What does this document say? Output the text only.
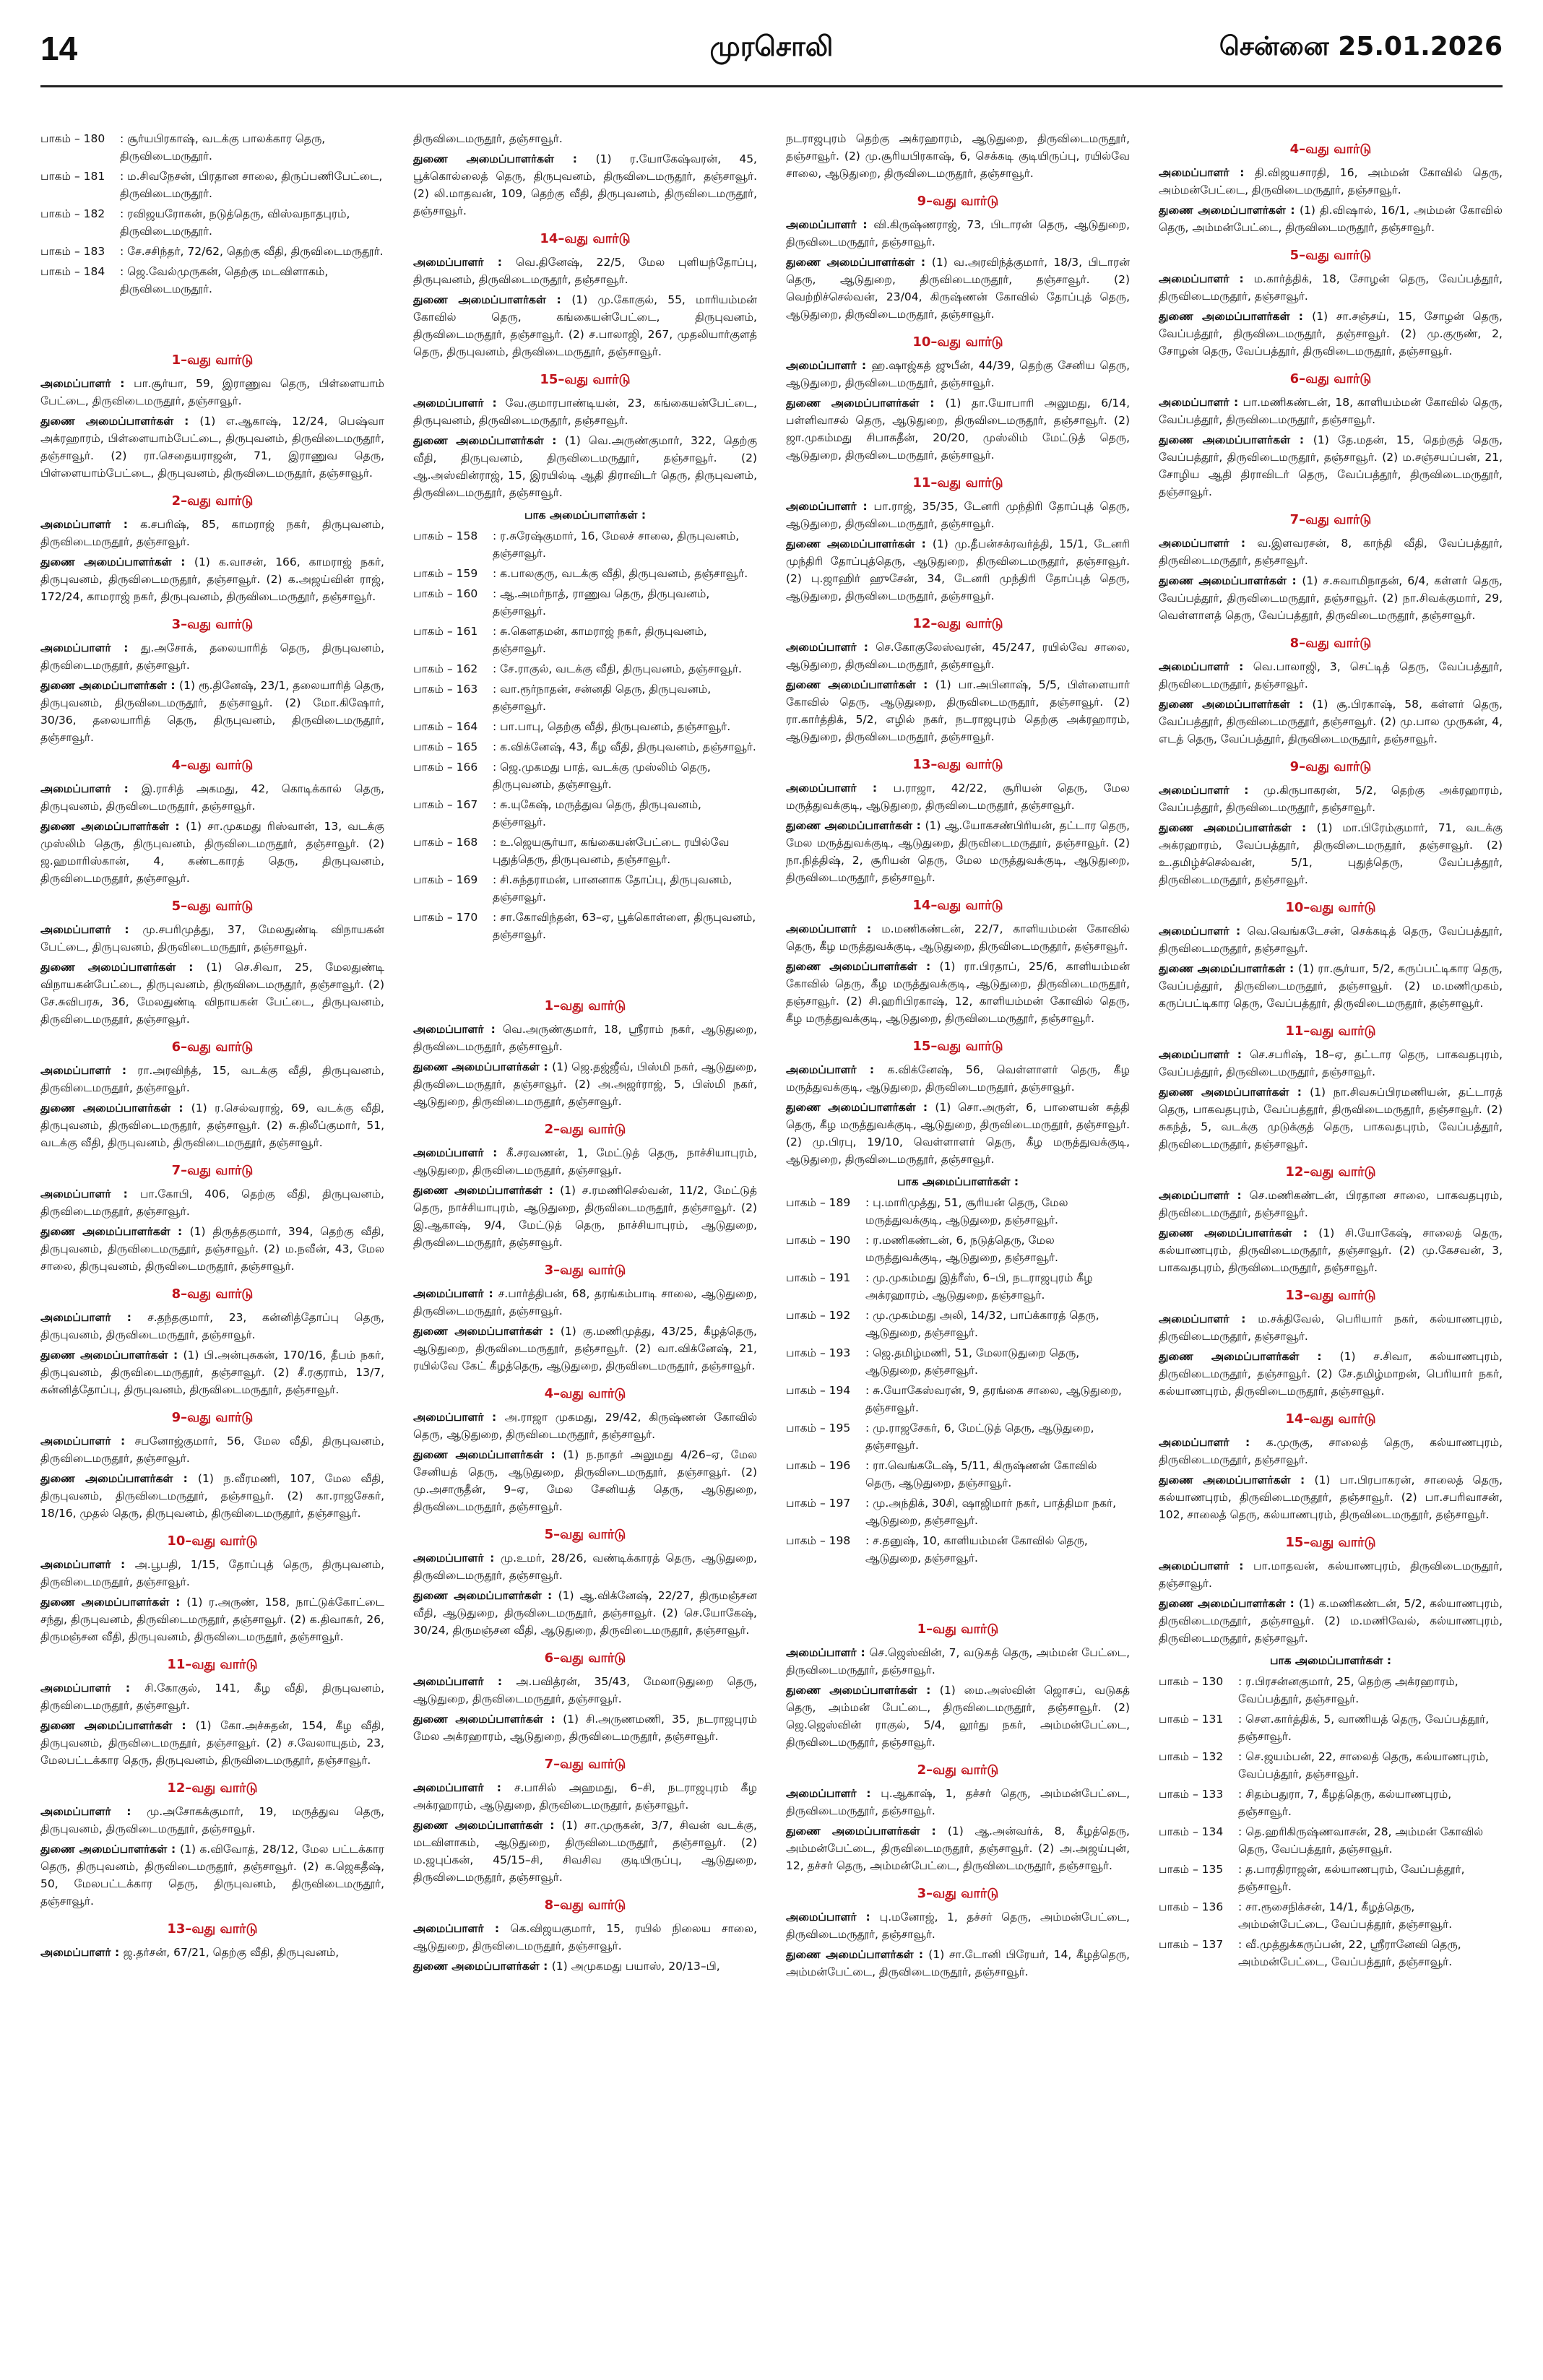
14	முரசொலி	சென்னை 25.01.2026
பாகம் – 180	: சூர்யபிரகாஷ், வடக்கு பாலக்கார தெரு, திருவிடைமருதூர்.
பாகம் – 181	: ம.சிவநேசன், பிரதான சாலை, திருப்பணிபேட்டை, திருவிடைமருதூர்.
பாகம் – 182	: ரவிஜயரோகன், நடுத்தெரு, விஸ்வநாதபுரம், திருவிடைமருதூர்.
பாகம் – 183	: சே.சசிந்தர், 72/62, தெற்கு வீதி, திருவிடைமருதூர்.
பாகம் – 184	: ஜெ.வேல்முருகன், தெற்கு மடவிளாகம், திருவிடைமருதூர்.
1–வது வார்டு

அமைப்பாளர் : பா.சூர்யா, 59, இராணுவ தெரு, பிள்ளையாம் பேட்டை, திருவிடைமருதூர், தஞ்சாவூர்.

துணை அமைப்பாளர்கள் : (1) எ.ஆகாஷ், 12/24, பெஷ்வா அக்ரஹாரம், பிள்ளையாம்பேட்டை, திருபுவனம், திருவிடைமருதூர், தஞ்சாவூர். (2) ரா.செதையராஜன், 71, இராணுவ தெரு, பிள்ளையாம்பேட்டை, திருபுவனம், திருவிடைமருதூர், தஞ்சாவூர்.

2–வது வார்டு

அமைப்பாளர் : க.சபரிஷ், 85, காமராஜ் நகர், திருபுவனம், திருவிடைமருதூர், தஞ்சாவூர்.

துணை அமைப்பாளர்கள் : (1) க.வாசன், 166, காமராஜ் நகர், திருபுவனம், திருவிடைமருதூர், தஞ்சாவூர். (2) க.அஜய்வின் ராஜ், 172/24, காமராஜ் நகர், திருபுவனம், திருவிடைமருதூர், தஞ்சாவூர்.

3–வது வார்டு

அமைப்பாளர் : து.அசோக், தலையாரித் தெரு, திருபுவனம், திருவிடைமருதூர், தஞ்சாவூர்.

துணை அமைப்பாளர்கள் : (1) ரூ.தினேஷ், 23/1, தலையாரித் தெரு, திருபுவனம், திருவிடைமருதூர், தஞ்சாவூர். (2) மோ.கிஷோர், 30/36, தலையாரித் தெரு, திருபுவனம், திருவிடைமருதூர், தஞ்சாவூர்.

4–வது வார்டு

அமைப்பாளர் : இ.ராசித் அகமது, 42, கொடிக்கால் தெரு, திருபுவனம், திருவிடைமருதூர், தஞ்சாவூர்.

துணை அமைப்பாளர்கள் : (1) சா.முகமது ரிஸ்வான், 13, வடக்கு முஸ்லிம் தெரு, திருபுவனம், திருவிடைமருதூர், தஞ்சாவூர். (2) ஜ.ஹமாரிஸ்கான், 4, கண்டகாரத் தெரு, திருபுவனம், திருவிடைமருதூர், தஞ்சாவூர்.

5–வது வார்டு

அமைப்பாளர் : மு.சபரிமுத்து, 37, மேலதுண்டி விநாயகன் பேட்டை, திருபுவனம், திருவிடைமருதூர், தஞ்சாவூர்.

துணை அமைப்பாளர்கள் : (1) செ.சிவா, 25, மேலதுண்டி விநாயகன்பேட்டை, திருபுவனம், திருவிடைமருதூர், தஞ்சாவூர். (2) சே.சுவிபரசு, 36, மேலதுண்டி விநாயகன் பேட்டை, திருபுவனம், திருவிடைமருதூர், தஞ்சாவூர்.

6–வது வார்டு

அமைப்பாளர் : ரா.அரவிந்த், 15, வடக்கு வீதி, திருபுவனம், திருவிடைமருதூர், தஞ்சாவூர்.

துணை அமைப்பாளர்கள் : (1) ர.செல்வராஜ், 69, வடக்கு வீதி, திருபுவனம், திருவிடைமருதூர், தஞ்சாவூர். (2) சு.திலீப்குமார், 51, வடக்கு வீதி, திருபுவனம், திருவிடைமருதூர், தஞ்சாவூர்.

7–வது வார்டு

அமைப்பாளர் : பா.கோபி, 406, தெற்கு வீதி, திருபுவனம், திருவிடைமருதூர், தஞ்சாவூர்.

துணை அமைப்பாளர்கள் : (1) திருத்தகுமார், 394, தெற்கு வீதி, திருபுவனம், திருவிடைமருதூர், தஞ்சாவூர். (2) ம.நவீன், 43, மேல சாலை, திருபுவனம், திருவிடைமருதூர், தஞ்சாவூர்.

8–வது வார்டு

அமைப்பாளர் : ச.தந்தகுமார், 23, கன்னித்தோப்பு தெரு, திருபுவனம், திருவிடைமருதூர், தஞ்சாவூர்.

துணை அமைப்பாளர்கள் : (1) பி.அன்புசுகன், 170/16, தீபம் நகர், திருபுவனம், திருவிடைமருதூர், தஞ்சாவூர். (2) சீ.ரகுராம், 13/7, கன்னித்தோப்பு, திருபுவனம், திருவிடைமருதூர், தஞ்சாவூர்.

9–வது வார்டு

அமைப்பாளர் : சபனோஜ்குமார், 56, மேல வீதி, திருபுவனம், திருவிடைமருதூர், தஞ்சாவூர்.

துணை அமைப்பாளர்கள் : (1) ந.வீரமணி, 107, மேல வீதி, திருபுவனம், திருவிடைமருதூர், தஞ்சாவூர். (2) கா.ராஜசேகர், 18/16, முதல் தெரு, திருபுவனம், திருவிடைமருதூர், தஞ்சாவூர்.

10–வது வார்டு

அமைப்பாளர் : அ.பூபதி, 1/15, தோப்புத் தெரு, திருபுவனம், திருவிடைமருதூர், தஞ்சாவூர்.

துணை அமைப்பாளர்கள் : (1) ர.அருண், 158, நாட்டுக்கோட்டை சந்து, திருபுவனம், திருவிடைமருதூர், தஞ்சாவூர். (2) க.திவாகர், 26, திருமஞ்சன வீதி, திருபுவனம், திருவிடைமருதூர், தஞ்சாவூர்.

11–வது வார்டு

அமைப்பாளர் : சி.கோகுல், 141, கீழ வீதி, திருபுவனம், திருவிடைமருதூர், தஞ்சாவூர்.

துணை அமைப்பாளர்கள் : (1) கோ.அச்சுதன், 154, கீழ வீதி, திருபுவனம், திருவிடைமருதூர், தஞ்சாவூர். (2) ச.வேலாயுதம், 23, மேலபட்டக்கார தெரு, திருபுவனம், திருவிடைமருதூர், தஞ்சாவூர்.

12–வது வார்டு

அமைப்பாளர் : மு.அசோகக்குமார், 19, மருத்துவ தெரு, திருபுவனம், திருவிடைமருதூர், தஞ்சாவூர்.

துணை அமைப்பாளர்கள் : (1) க.விவோத், 28/12, மேல பட்டக்கார தெரு, திருபுவனம், திருவிடைமருதூர், தஞ்சாவூர். (2) க.ஜெகதீஷ், 50, மேலபட்டக்கார தெரு, திருபுவனம், திருவிடைமருதூர், தஞ்சாவூர்.

13–வது வார்டு

அமைப்பாளர் : ஜ.தர்சன், 67/21, தெற்கு வீதி, திருபுவனம்,

திருவிடைமருதூர், தஞ்சாவூர்.

துணை அமைப்பாளர்கள் : (1) ர.யோகேஷ்வரன், 45, பூக்கொல்லைத் தெரு, திருபுவனம், திருவிடைமருதூர், தஞ்சாவூர். (2) லி.மாதவன், 109, தெற்கு வீதி, திருபுவனம், திருவிடைமருதூர், தஞ்சாவூர்.

14–வது வார்டு

அமைப்பாளர் : வெ.தினேஷ், 22/5, மேல புளியந்தோப்பு, திருபுவனம், திருவிடைமருதூர், தஞ்சாவூர்.

துணை அமைப்பாளர்கள் : (1) மு.கோகுல், 55, மாரியம்மன் கோவில் தெரு, கங்கையன்பேட்டை, திருபுவனம், திருவிடைமருதூர், தஞ்சாவூர். (2) ச.பாலாஜி, 267, முதலியார்குளத் தெரு, திருபுவனம், திருவிடைமருதூர், தஞ்சாவூர்.

15–வது வார்டு

அமைப்பாளர் : வே.குமாரபாண்டியன், 23, கங்கையன்பேட்டை, திருபுவனம், திருவிடைமருதூர், தஞ்சாவூர்.

துணை அமைப்பாளர்கள் : (1) வெ.அருண்குமார், 322, தெற்கு வீதி, திருபுவனம், திருவிடைமருதூர், தஞ்சாவூர். (2) ஆ.அஸ்வின்ராஜ், 15, இரயில்டி ஆதி திராவிடர் தெரு, திருபுவனம், திருவிடைமருதூர், தஞ்சாவூர்.

பாக அமைப்பாளர்கள் :
பாகம் – 158	: ர.சுரேஷ்குமார், 16, மேலச் சாலை, திருபுவனம், தஞ்சாவூர்.
பாகம் – 159	: க.பாலகுரு, வடக்கு வீதி, திருபுவனம், தஞ்சாவூர்.
பாகம் – 160	: ஆ.அமர்நாத், ராணுவ தெரு, திருபுவனம், தஞ்சாவூர்.
பாகம் – 161	: சு.கௌதமன், காமராஜ் நகர், திருபுவனம், தஞ்சாவூர்.
பாகம் – 162	: சே.ராகுல், வடக்கு வீதி, திருபுவனம், தஞ்சாவூர்.
பாகம் – 163	: வா.ரூர்நாதன், சன்னதி தெரு, திருபுவனம், தஞ்சாவூர்.
பாகம் – 164	: பா.பாபு, தெற்கு வீதி, திருபுவனம், தஞ்சாவூர்.
பாகம் – 165	: க.விக்னேஷ், 43, கீழ வீதி, திருபுவனம், தஞ்சாவூர்.
பாகம் – 166	: ஜெ.முகமது பாத், வடக்கு முஸ்லிம் தெரு, திருபுவனம், தஞ்சாவூர்.
பாகம் – 167	: சு.யுகேஷ், மருத்துவ தெரு, திருபுவனம், தஞ்சாவூர்.
பாகம் – 168	: உ.ஜெயசூர்யா, கங்கையன்பேட்டை ரயில்வே புதுத்தெரு, திருபுவனம், தஞ்சாவூர்.
பாகம் – 169	: சி.சுந்தராமன், பானனாக தோப்பு, திருபுவனம், தஞ்சாவூர்.
பாகம் – 170	: சா.கோவிந்தன், 63–ஏ, பூக்கொள்ளை, திருபுவனம், தஞ்சாவூர்.
1–வது வார்டு

அமைப்பாளர் : வெ.அருண்குமார், 18, ஸ்ரீராம் நகர், ஆடுதுறை, திருவிடைமருதூர், தஞ்சாவூர்.

துணை அமைப்பாளர்கள் : (1) ஜெ.தஜ்ஜீவ், பிஸ்மி நகர், ஆடுதுறை, திருவிடைமருதூர், தஞ்சாவூர். (2) அ.அஜர்ராஜ், 5, பிஸ்மி நகர், ஆடுதுறை, திருவிடைமருதூர், தஞ்சாவூர்.

2–வது வார்டு

அமைப்பாளர் : கீ.சரவணன், 1, மேட்டுத் தெரு, நாச்சியாபுரம், ஆடுதுறை, திருவிடைமருதூர், தஞ்சாவூர்.

துணை அமைப்பாளர்கள் : (1) ச.ரமணிசெல்வன், 11/2, மேட்டுத் தெரு, நாச்சியாபுரம், ஆடுதுறை, திருவிடைமருதூர், தஞ்சாவூர். (2) இ.ஆகாஷ், 9/4, மேட்டுத் தெரு, நாச்சியாபுரம், ஆடுதுறை, திருவிடைமருதூர், தஞ்சாவூர்.

3–வது வார்டு

அமைப்பாளர் : ச.பார்த்திபன், 68, தரங்கம்பாடி சாலை, ஆடுதுறை, திருவிடைமருதூர், தஞ்சாவூர்.

துணை அமைப்பாளர்கள் : (1) கு.மணிமுத்து, 43/25, கீழத்தெரு, ஆடுதுறை, திருவிடைமருதூர், தஞ்சாவூர். (2) வா.விக்னேஷ், 21, ரயில்வே கேட் கீழத்தெரு, ஆடுதுறை, திருவிடைமருதூர், தஞ்சாவூர்.

4–வது வார்டு

அமைப்பாளர் : அ.ராஜா முகமது, 29/42, கிருஷ்ணன் கோவில் தெரு, ஆடுதுறை, திருவிடைமருதூர், தஞ்சாவூர்.

துணை அமைப்பாளர்கள் : (1) ந.நாதர் அலுமது 4/26–ஏ, மேல சேனியத் தெரு, ஆடுதுறை, திருவிடைமருதூர், தஞ்சாவூர். (2) மு.அசாருதீன், 9–ஏ, மேல சேனியத் தெரு, ஆடுதுறை, திருவிடைமருதூர், தஞ்சாவூர்.

5–வது வார்டு

அமைப்பாளர் : மு.உமர், 28/26, வண்டிக்காரத் தெரு, ஆடுதுறை, திருவிடைமருதூர், தஞ்சாவூர்.

துணை அமைப்பாளர்கள் : (1) ஆ.விக்னேஷ், 22/27, திருமஞ்சன வீதி, ஆடுதுறை, திருவிடைமருதூர், தஞ்சாவூர். (2) செ.யோகேஷ், 30/24, திருமஞ்சன வீதி, ஆடுதுறை, திருவிடைமருதூர், தஞ்சாவூர்.

6–வது வார்டு

அமைப்பாளர் : அ.பவித்ரன், 35/43, மேலாடுதுறை தெரு, ஆடுதுறை, திருவிடைமருதூர், தஞ்சாவூர்.

துணை அமைப்பாளர்கள் : (1) சி.அருணமணி, 35, நடராஜபுரம் மேல அக்ரஹாரம், ஆடுதுறை, திருவிடைமருதூர், தஞ்சாவூர்.

7–வது வார்டு

அமைப்பாளர் : ச.பாசில் அஹமது, 6–சி, நடராஜபுரம் கீழ அக்ரஹாரம், ஆடுதுறை, திருவிடைமருதூர், தஞ்சாவூர்.

துணை அமைப்பாளர்கள் : (1) சா.முருகன், 3/7, சிவன் வடக்கு, மடவிளாகம், ஆடுதுறை, திருவிடைமருதூர், தஞ்சாவூர். (2) ம.ஜபுப்கன், 45/15–சி, சிவசிவ குடியிருப்பு, ஆடுதுறை, திருவிடைமருதூர், தஞ்சாவூர்.

8–வது வார்டு

அமைப்பாளர் : கெ.விஜயகுமார், 15, ரயில் நிலைய சாலை, ஆடுதுறை, திருவிடைமருதூர், தஞ்சாவூர்.

துணை அமைப்பாளர்கள் : (1) அமுகமது பயாஸ், 20/13–பி,

நடராஜபுரம் தெற்கு அக்ரஹாரம், ஆடுதுறை, திருவிடைமருதூர், தஞ்சாவூர். (2) மு.சூரியபிரகாஷ், 6, செக்கடி குடியிருப்பு, ரயில்வே சாலை, ஆடுதுறை, திருவிடைமருதூர், தஞ்சாவூர்.

9–வது வார்டு

அமைப்பாளர் : வி.கிருஷ்ணராஜ், 73, பிடாரன் தெரு, ஆடுதுறை, திருவிடைமருதூர், தஞ்சாவூர்.

துணை அமைப்பாளர்கள் : (1) வ.அரவிந்த்குமார், 18/3, பிடாரன் தெரு, ஆடுதுறை, திருவிடைமருதூர், தஞ்சாவூர். (2) வெற்றிச்செல்வன், 23/04, கிருஷ்ணன் கோவில் தோப்புத் தெரு, ஆடுதுறை, திருவிடைமருதூர், தஞ்சாவூர்.

10–வது வார்டு

அமைப்பாளர் : ஹ.ஷாஜ்கத் ஜுபீன், 44/39, தெற்கு சேனிய தெரு, ஆடுதுறை, திருவிடைமருதூர், தஞ்சாவூர்.

துணை அமைப்பாளர்கள் : (1) தா.யோபாரி அலுமது, 6/14, பள்ளிவாசல் தெரு, ஆடுதுறை, திருவிடைமருதூர், தஞ்சாவூர். (2) ஜா.முகம்மது சிபாசுதீன், 20/20, முஸ்லிம் மேட்டுத் தெரு, ஆடுதுறை, திருவிடைமருதூர், தஞ்சாவூர்.

11–வது வார்டு

அமைப்பாளர் : பா.ராஜ், 35/35, டேனரி முந்திரி தோப்புத் தெரு, ஆடுதுறை, திருவிடைமருதூர், தஞ்சாவூர்.

துணை அமைப்பாளர்கள் : (1) மு.தீபன்சக்ரவர்த்தி, 15/1, டேனரி முந்திரி தோப்புத்தெரு, ஆடுதுறை, திருவிடைமருதூர், தஞ்சாவூர். (2) பு.ஜாஹிர் ஹுசேன், 34, டேனரி முந்திரி தோப்புத் தெரு, ஆடுதுறை, திருவிடைமருதூர், தஞ்சாவூர்.

12–வது வார்டு

அமைப்பாளர் : செ.கோகுலேஸ்வரன், 45/247, ரயில்வே சாலை, ஆடுதுறை, திருவிடைமருதூர், தஞ்சாவூர்.

துணை அமைப்பாளர்கள் : (1) பா.அபினாஷ், 5/5, பிள்ளையார் கோவில் தெரு, ஆடுதுறை, திருவிடைமருதூர், தஞ்சாவூர். (2) ரா.கார்த்திக், 5/2, எழில் நகர், நடராஜபுரம் தெற்கு அக்ரஹாரம், ஆடுதுறை, திருவிடைமருதூர், தஞ்சாவூர்.

13–வது வார்டு

அமைப்பாளர் : ப.ராஜா, 42/22, சூரியன் தெரு, மேல மருத்துவக்குடி, ஆடுதுறை, திருவிடைமருதூர், தஞ்சாவூர்.

துணை அமைப்பாளர்கள் : (1) ஆ.யோகசண்பிரியன், தட்டார தெரு, மேல மருத்துவக்குடி, ஆடுதுறை, திருவிடைமருதூர், தஞ்சாவூர். (2) நா.நித்திஷ், 2, சூரியன் தெரு, மேல மருத்துவக்குடி, ஆடுதுறை, திருவிடைமருதூர், தஞ்சாவூர்.

14–வது வார்டு

அமைப்பாளர் : ம.மணிகண்டன், 22/7, காளியம்மன் கோவில் தெரு, கீழ மருத்துவக்குடி, ஆடுதுறை, திருவிடைமருதூர், தஞ்சாவூர்.

துணை அமைப்பாளர்கள் : (1) ரா.பிரதாப், 25/6, காளியம்மன் கோவில் தெரு, கீழ மருத்துவக்குடி, ஆடுதுறை, திருவிடைமருதூர், தஞ்சாவூர். (2) சி.ஹரிபிரகாஷ், 12, காளியம்மன் கோவில் தெரு, கீழ மருத்துவக்குடி, ஆடுதுறை, திருவிடைமருதூர், தஞ்சாவூர்.

15–வது வார்டு

அமைப்பாளர் : க.விக்னேஷ், 56, வெள்ளாளர் தெரு, கீழ மருத்துவக்குடி, ஆடுதுறை, திருவிடைமருதூர், தஞ்சாவூர்.

துணை அமைப்பாளர்கள் : (1) சொ.அருள், 6, பாளையன் சுத்தி தெரு, கீழ மருத்துவக்குடி, ஆடுதுறை, திருவிடைமருதூர், தஞ்சாவூர். (2) மு.பிரபு, 19/10, வெள்ளாளர் தெரு, கீழ மருத்துவக்குடி, ஆடுதுறை, திருவிடைமருதூர், தஞ்சாவூர்.

பாக அமைப்பாளர்கள் :
பாகம் – 189	: பு.மாரிமுத்து, 51, சூரியன் தெரு, மேல மருத்துவக்குடி, ஆடுதுறை, தஞ்சாவூர்.
பாகம் – 190	: ர.மணிகண்டன், 6, நடுத்தெரு, மேல மருத்துவக்குடி, ஆடுதுறை, தஞ்சாவூர்.
பாகம் – 191	: மு.முகம்மது இத்ரீஸ், 6–பி, நடராஜபுரம் கீழ அக்ரஹாரம், ஆடுதுறை, தஞ்சாவூர்.
பாகம் – 192	: மு.முகம்மது அலி, 14/32, பாப்க்காரத் தெரு, ஆடுதுறை, தஞ்சாவூர்.
பாகம் – 193	: ஜெ.தமிழ்மணி, 51, மேலாடுதுறை தெரு, ஆடுதுறை, தஞ்சாவூர்.
பாகம் – 194	: சு.யோகேஸ்வரன், 9, தரங்கை சாலை, ஆடுதுறை, தஞ்சாவூர்.
பாகம் – 195	: மு.ராஜசேகர், 6, மேட்டுத் தெரு, ஆடுதுறை, தஞ்சாவூர்.
பாகம் – 196	: ரா.வெங்கடேஷ், 5/11, கிருஷ்ணன் கோவில் தெரு, ஆடுதுறை, தஞ்சாவூர்.
பாகம் – 197	: மு.அந்திக், 30சி, ஷாஜிமார் நகர், பாத்திமா நகர், ஆடுதுறை, தஞ்சாவூர்.
பாகம் – 198	: ச.தனுஷ், 10, காளியம்மன் கோவில் தெரு, ஆடுதுறை, தஞ்சாவூர்.
1–வது வார்டு

அமைப்பாளர் : செ.ஜெஸ்வின், 7, வடுகத் தெரு, அம்மன் பேட்டை, திருவிடைமருதூர், தஞ்சாவூர்.

துணை அமைப்பாளர்கள் : (1) மை.அஸ்வின் ஜொசப், வடுகத் தெரு, அம்மன் பேட்டை, திருவிடைமருதூர், தஞ்சாவூர். (2) ஜெ.ஜெஸ்வின் ராகுல், 5/4, லூர்து நகர், அம்மன்பேட்டை, திருவிடைமருதூர், தஞ்சாவூர்.

2–வது வார்டு

அமைப்பாளர் : பு.ஆகாஷ், 1, தச்சர் தெரு, அம்மன்பேட்டை, திருவிடைமருதூர், தஞ்சாவூர்.

துணை அமைப்பாளர்கள் : (1) ஆ.அன்வர்க், 8, கீழத்தெரு, அம்மன்பேட்டை, திருவிடைமருதூர், தஞ்சாவூர். (2) அ.அஜய்புன், 12, தச்சர் தெரு, அம்மன்பேட்டை, திருவிடைமருதூர், தஞ்சாவூர்.

3–வது வார்டு

அமைப்பாளர் : பு.மனோஜ், 1, தச்சர் தெரு, அம்மன்பேட்டை, திருவிடைமருதூர், தஞ்சாவூர்.

துணை அமைப்பாளர்கள் : (1) சா.டோனி பிரேயர், 14, கீழத்தெரு, அம்மன்பேட்டை, திருவிடைமருதூர், தஞ்சாவூர்.

4–வது வார்டு

அமைப்பாளர் : தி.விஜயசாரதி, 16, அம்மன் கோவில் தெரு, அம்மன்பேட்டை, திருவிடைமருதூர், தஞ்சாவூர்.

துணை அமைப்பாளர்கள் : (1) தி.விஷால், 16/1, அம்மன் கோவில் தெரு, அம்மன்பேட்டை, திருவிடைமருதூர், தஞ்சாவூர்.

5–வது வார்டு

அமைப்பாளர் : ம.கார்த்திக், 18, சோழன் தெரு, வேப்பத்தூர், திருவிடைமருதூர், தஞ்சாவூர்.

துணை அமைப்பாளர்கள் : (1) சா.சஞ்சய், 15, சோழன் தெரு, வேப்பத்தூர், திருவிடைமருதூர், தஞ்சாவூர். (2) மு.குருண், 2, சோழன் தெரு, வேப்பத்தூர், திருவிடைமருதூர், தஞ்சாவூர்.

6–வது வார்டு

அமைப்பாளர் : பா.மணிகண்டன், 18, காளியம்மன் கோவில் தெரு, வேப்பத்தூர், திருவிடைமருதூர், தஞ்சாவூர்.

துணை அமைப்பாளர்கள் : (1) தே.மதன், 15, தெற்குத் தெரு, வேப்பத்தூர், திருவிடைமருதூர், தஞ்சாவூர். (2) ம.சஞ்சயப்பன், 21, சோழிய ஆதி திராவிடர் தெரு, வேப்பத்தூர், திருவிடைமருதூர், தஞ்சாவூர்.

7–வது வார்டு

அமைப்பாளர் : வ.இளவரசன், 8, காந்தி வீதி, வேப்பத்தூர், திருவிடைமருதூர், தஞ்சாவூர்.

துணை அமைப்பாளர்கள் : (1) ச.சுவாமிநாதன், 6/4, கள்ளர் தெரு, வேப்பத்தூர், திருவிடைமருதூர், தஞ்சாவூர். (2) நா.சிவக்குமார், 29, வெள்ளாளத் தெரு, வேப்பத்தூர், திருவிடைமருதூர், தஞ்சாவூர்.

8–வது வார்டு

அமைப்பாளர் : வெ.பாலாஜி, 3, செட்டித் தெரு, வேப்பத்தூர், திருவிடைமருதூர், தஞ்சாவூர்.

துணை அமைப்பாளர்கள் : (1) சூ.பிரகாஷ், 58, கள்ளர் தெரு, வேப்பத்தூர், திருவிடைமருதூர், தஞ்சாவூர். (2) மு.பால முருகன், 4, எடத் தெரு, வேப்பத்தூர், திருவிடைமருதூர், தஞ்சாவூர்.

9–வது வார்டு

அமைப்பாளர் : மு.கிருபாகரன், 5/2, தெற்கு அக்ரஹாரம், வேப்பத்தூர், திருவிடைமருதூர், தஞ்சாவூர்.

துணை அமைப்பாளர்கள் : (1) மா.பிரேம்குமார், 71, வடக்கு அக்ரஹாரம், வேப்பத்தூர், திருவிடைமருதூர், தஞ்சாவூர். (2) உ.தமிழ்ச்செல்வன், 5/1, புதுத்தெரு, வேப்பத்தூர், திருவிடைமருதூர், தஞ்சாவூர்.

10–வது வார்டு

அமைப்பாளர் : வெ.வெங்கடேசன், செக்கடித் தெரு, வேப்பத்தூர், திருவிடைமருதூர், தஞ்சாவூர்.

துணை அமைப்பாளர்கள் : (1) ரா.சூர்யா, 5/2, கருப்பட்டிகார தெரு, வேப்பத்தூர், திருவிடைமருதூர், தஞ்சாவூர். (2) ம.மணிமுகம், கருப்பட்டிகார தெரு, வேப்பத்தூர், திருவிடைமருதூர், தஞ்சாவூர்.

11–வது வார்டு

அமைப்பாளர் : செ.சபரிஷ், 18–ஏ, தட்டார தெரு, பாகவதபுரம், வேப்பத்தூர், திருவிடைமருதூர், தஞ்சாவூர்.

துணை அமைப்பாளர்கள் : (1) நா.சிவசுப்பிரமணியன், தட்டாரத் தெரு, பாகவதபுரம், வேப்பத்தூர், திருவிடைமருதூர், தஞ்சாவூர். (2) சுகந்த், 5, வடக்கு முடுக்குத் தெரு, பாகவதபுரம், வேப்பத்தூர், திருவிடைமருதூர், தஞ்சாவூர்.

12–வது வார்டு

அமைப்பாளர் : செ.மணிகண்டன், பிரதான சாலை, பாகவதபுரம், திருவிடைமருதூர், தஞ்சாவூர்.

துணை அமைப்பாளர்கள் : (1) சி.யோகேஷ், சாலைத் தெரு, கல்யாணபுரம், திருவிடைமருதூர், தஞ்சாவூர். (2) மு.கேசவன், 3, பாகவதபுரம், திருவிடைமருதூர், தஞ்சாவூர்.

13–வது வார்டு

அமைப்பாளர் : ம.சக்திவேல், பெரியார் நகர், கல்யாணபுரம், திருவிடைமருதூர், தஞ்சாவூர்.

துணை அமைப்பாளர்கள் : (1) ச.சிவா, கல்யாணபுரம், திருவிடைமருதூர், தஞ்சாவூர். (2) சே.தமிழ்மாறன், பெரியார் நகர், கல்யாணபுரம், திருவிடைமருதூர், தஞ்சாவூர்.

14–வது வார்டு

அமைப்பாளர் : க.முருகு, சாலைத் தெரு, கல்யாணபுரம், திருவிடைமருதூர், தஞ்சாவூர்.

துணை அமைப்பாளர்கள் : (1) பா.பிரபாகரன், சாலைத் தெரு, கல்யாணபுரம், திருவிடைமருதூர், தஞ்சாவூர். (2) பா.சபரிவாசன், 102, சாலைத் தெரு, கல்யாணபுரம், திருவிடைமருதூர், தஞ்சாவூர்.

15–வது வார்டு

அமைப்பாளர் : பா.மாதவன், கல்யாணபுரம், திருவிடைமருதூர், தஞ்சாவூர்.

துணை அமைப்பாளர்கள் : (1) க.மணிகண்டன், 5/2, கல்யாணபுரம், திருவிடைமருதூர், தஞ்சாவூர். (2) ம.மணிவேல், கல்யாணபுரம், திருவிடைமருதூர், தஞ்சாவூர்.

பாக அமைப்பாளர்கள் :
பாகம் – 130	: ர.பிரசன்னகுமார், 25, தெற்கு அக்ரஹாரம், வேப்பத்தூர், தஞ்சாவூர்.
பாகம் – 131	: செள.கார்த்திக், 5, வாணியத் தெரு, வேப்பத்தூர், தஞ்சாவூர்.
பாகம் – 132	: செ.ஜயம்பன், 22, சாலைத் தெரு, கல்யாணபுரம், வேப்பத்தூர், தஞ்சாவூர்.
பாகம் – 133	: சிதம்பதுரா, 7, கீழத்தெரு, கல்யாணபுரம், தஞ்சாவூர்.
பாகம் – 134	: தெ.ஹரிகிருஷ்ணவாசன், 28, அம்மன் கோவில் தெரு, வேப்பத்தூர், தஞ்சாவூர்.
பாகம் – 135	: த.பாரதிராஜன், கல்யாணபுரம், வேப்பத்தூர், தஞ்சாவூர்.
பாகம் – 136	: சா.ரூசைநிக்சன், 14/1, கீழத்தெரு, அம்மன்பேட்டை, வேப்பத்தூர், தஞ்சாவூர்.
பாகம் – 137	: வீ.முத்துக்கருப்பன், 22, ஸ்ரீரானேவி தெரு, அம்மன்பேட்டை, வேப்பத்தூர், தஞ்சாவூர்.
